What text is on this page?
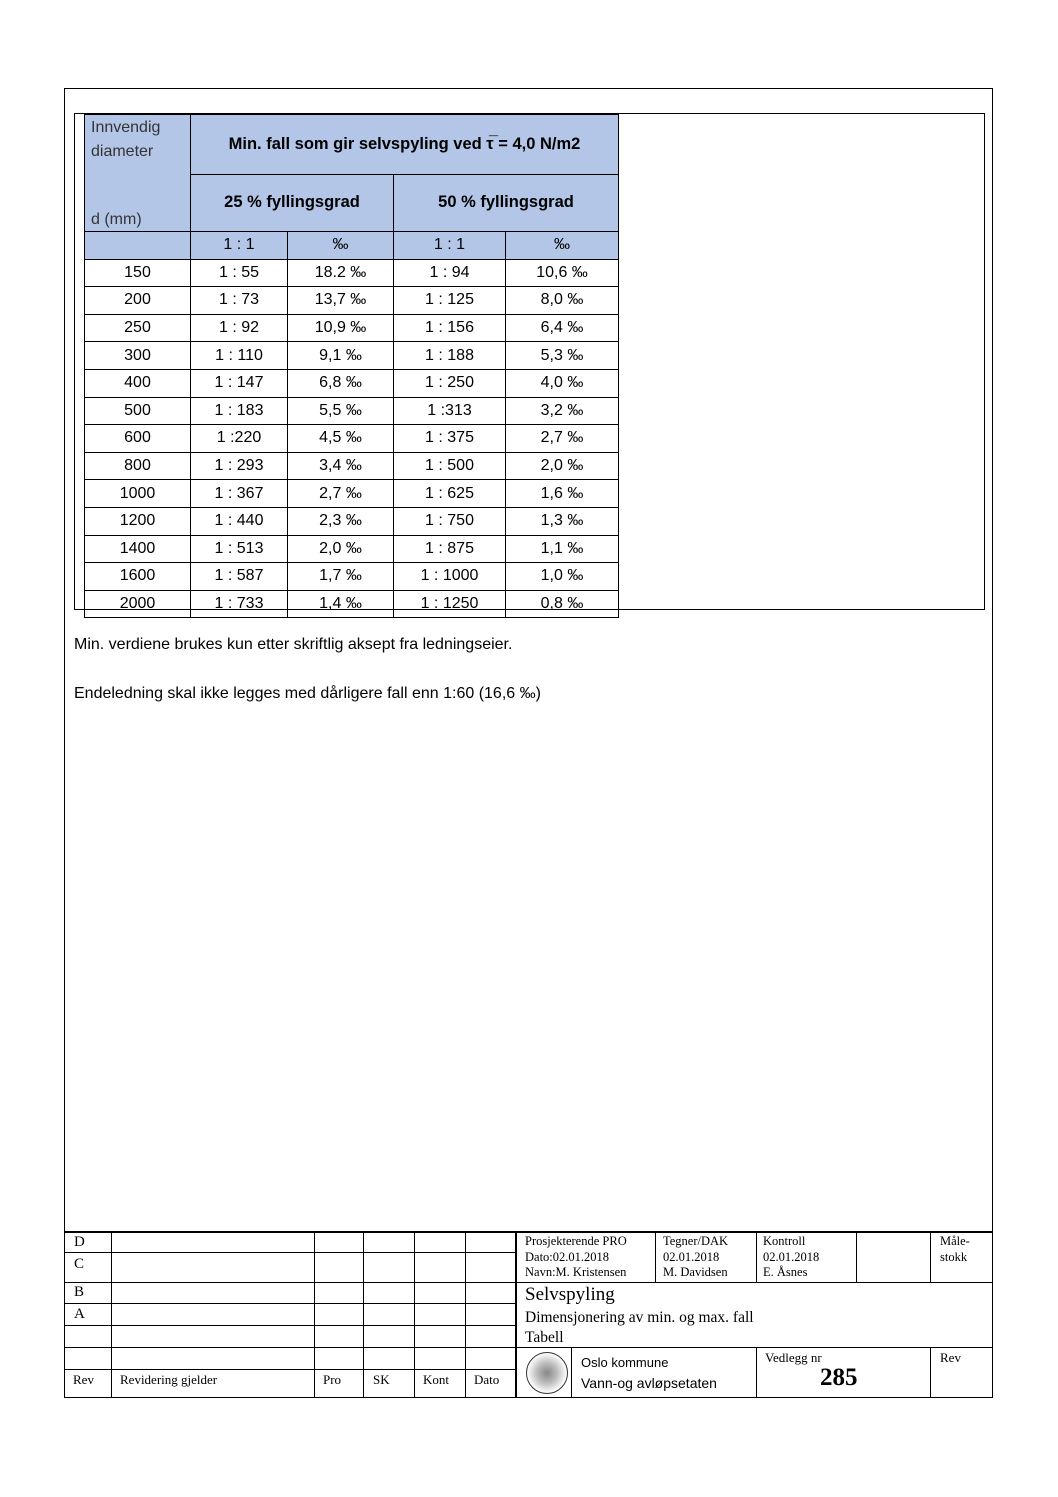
Innvendig
diameter
d (mm)	Min. fall som gir selvspyling ved τ̅ = 4,0 N/m2			
	25 % fyllingsgrad		50 % fyllingsgrad	
	1 : 1	‰	1 : 1	‰
150	1 : 55	18.2 ‰	1 : 94	10,6 ‰
200	1 : 73	13,7 ‰	1 : 125	8,0 ‰
250	1 : 92	10,9 ‰	1 : 156	6,4 ‰
300	1 : 110	9,1 ‰	1 : 188	5,3 ‰
400	1 : 147	6,8 ‰	1 : 250	4,0 ‰
500	1 : 183	5,5 ‰	1 :313	3,2 ‰
600	1 :220	4,5 ‰	1 : 375	2,7 ‰
800	1 : 293	3,4 ‰	1 : 500	2,0 ‰
1000	1 : 367	2,7 ‰	1 : 625	1,6 ‰
1200	1 : 440	2,3 ‰	1 : 750	1,3 ‰
1400	1 : 513	2,0 ‰	1 : 875	1,1 ‰
1600	1 : 587	1,7 ‰	1 : 1000	1,0 ‰
2000	1 : 733	1,4 ‰	1 : 1250	0,8 ‰
Min. verdiene brukes kun etter skriftlig aksept fra ledningseier.
Endeledning skal ikke legges med dårligere fall enn 1:60 (16,6 ‰)
D
C
B
A
Rev Revidering gjelder	Pro SK	Kont Dato
Prosjekterende PRO
Dato:02.01.2018
Navn:M. Kristensen
Tegner/DAK
02.01.2018
M. Davidsen
Kontroll
02.01.2018
E. Åsnes
Måle-
stokk
Selvspyling
Dimensjonering av min. og max. fall
Tabell
Oslo kommune
Vann-og avløpsetaten
Vedlegg nr
285
Rev
